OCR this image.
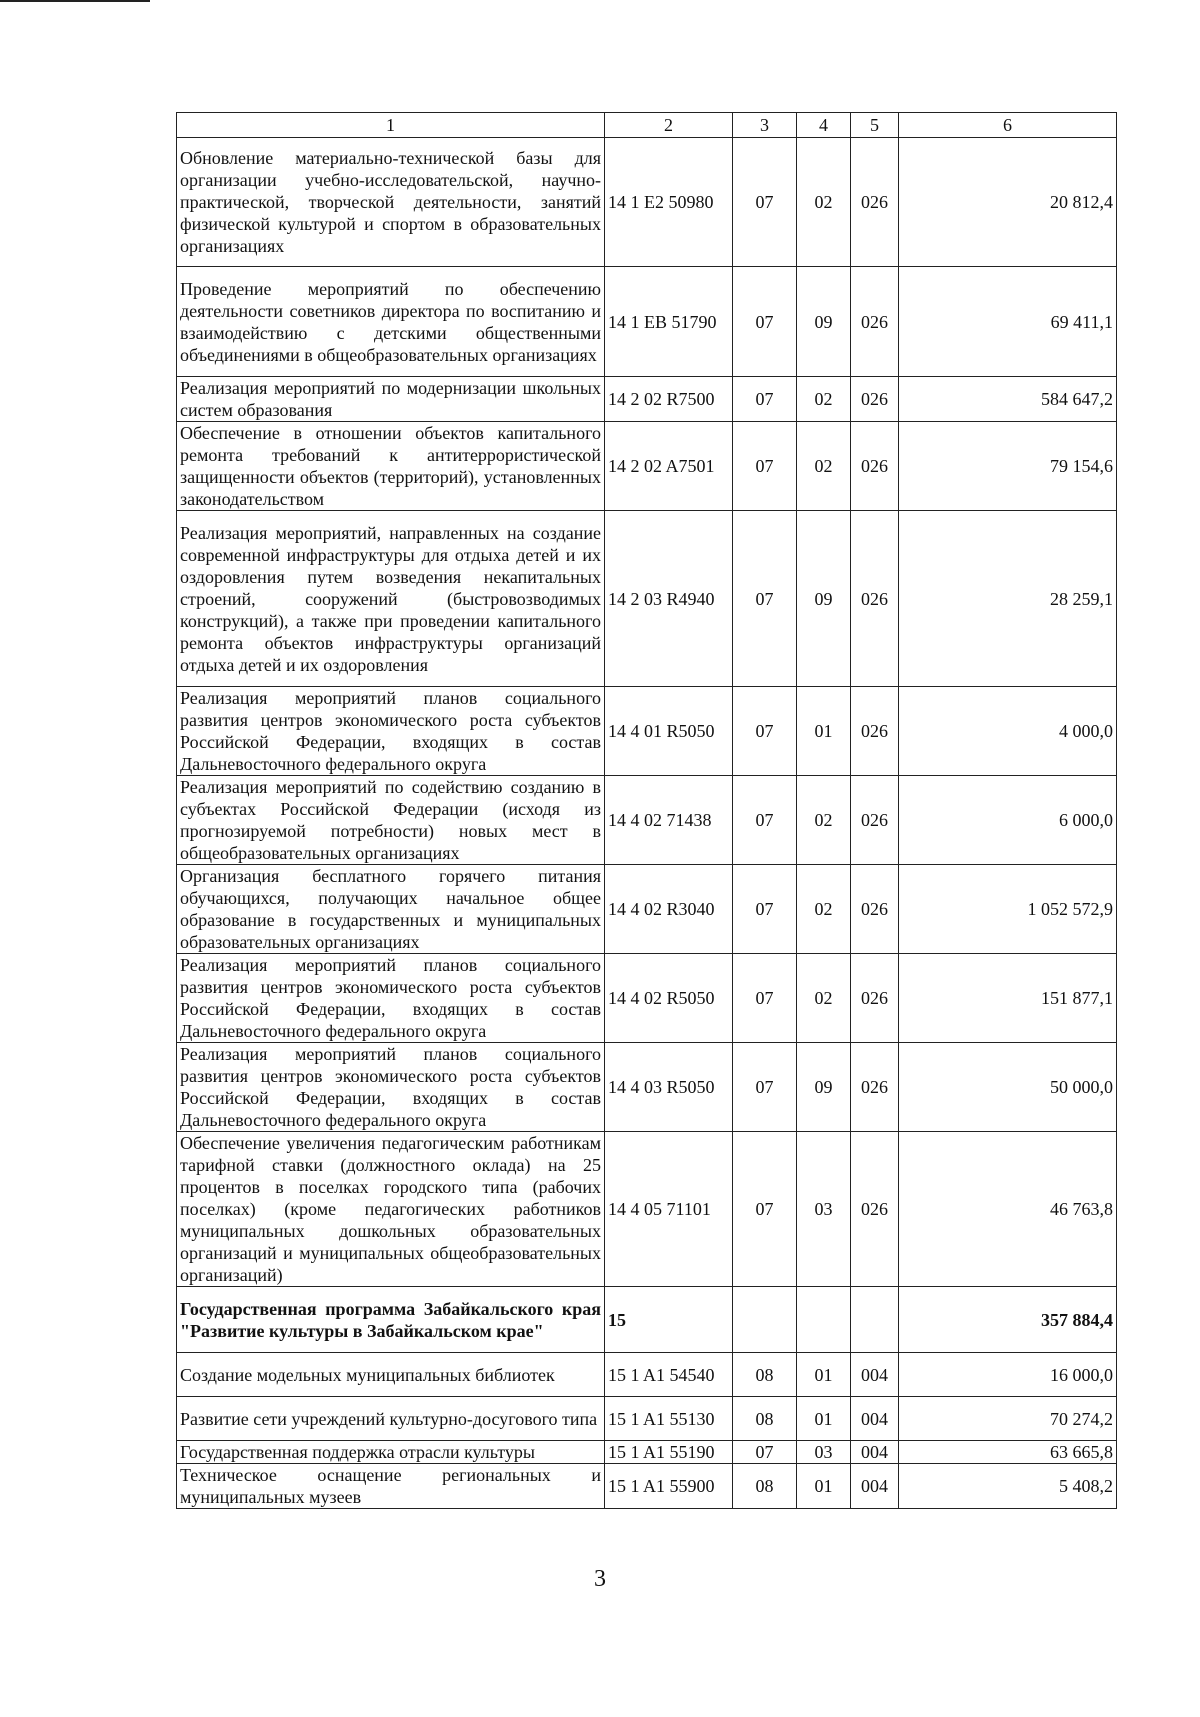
1	2	3	4	5	6
Обновление материально-технической базы для организации учебно-исследовательской, научно-практической, творческой деятельности, занятий физической культурой и спортом в образовательных организациях	14 1 E2 50980	07	02	026	20 812,4
Проведение мероприятий по обеспечению деятельности советников директора по воспитанию и взаимодействию с детскими общественными объединениями в общеобразовательных организациях	14 1 EB 51790	07	09	026	69 411,1
Реализация мероприятий по модернизации школьных систем образования	14 2 02 R7500	07	02	026	584 647,2
Обеспечение в отношении объектов капитального ремонта требований к антитеррористической защищенности объектов (территорий), установленных законодательством	14 2 02 A7501	07	02	026	79 154,6
Реализация мероприятий, направленных на создание современной инфраструктуры для отдыха детей и их оздоровления путем возведения некапитальных строений, сооружений (быстровозводимых конструкций), а также при проведении капитального ремонта объектов инфраструктуры организаций отдыха детей и их оздоровления	14 2 03 R4940	07	09	026	28 259,1
Реализация мероприятий планов социального развития центров экономического роста субъектов Российской Федерации, входящих в состав Дальневосточного федерального округа	14 4 01 R5050	07	01	026	4 000,0
Реализация мероприятий по содействию созданию в субъектах Российской Федерации (исходя из прогнозируемой потребности) новых мест в общеобразовательных организациях	14 4 02 71438	07	02	026	6 000,0
Организация бесплатного горячего питания обучающихся, получающих начальное общее образование в государственных и муниципальных образовательных организациях	14 4 02 R3040	07	02	026	1 052 572,9
Реализация мероприятий планов социального развития центров экономического роста субъектов Российской Федерации, входящих в состав Дальневосточного федерального округа	14 4 02 R5050	07	02	026	151 877,1
Реализация мероприятий планов социального развития центров экономического роста субъектов Российской Федерации, входящих в состав Дальневосточного федерального округа	14 4 03 R5050	07	09	026	50 000,0
Обеспечение увеличения педагогическим работникам тарифной ставки (должностного оклада) на 25 процентов в поселках городского типа (рабочих поселках) (кроме педагогических работников муниципальных дошкольных образовательных организаций и муниципальных общеобразовательных организаций)	14 4 05 71101	07	03	026	46 763,8
Государственная программа Забайкальского края "Развитие культуры в Забайкальском крае"	15				357 884,4
Создание модельных муниципальных библиотек	15 1 A1 54540	08	01	004	16 000,0
Развитие сети учреждений культурно-досугового типа	15 1 A1 55130	08	01	004	70 274,2
Государственная поддержка отрасли культуры	15 1 A1 55190	07	03	004	63 665,8
Техническое оснащение региональных и муниципальных музеев	15 1 A1 55900	08	01	004	5 408,2
3
